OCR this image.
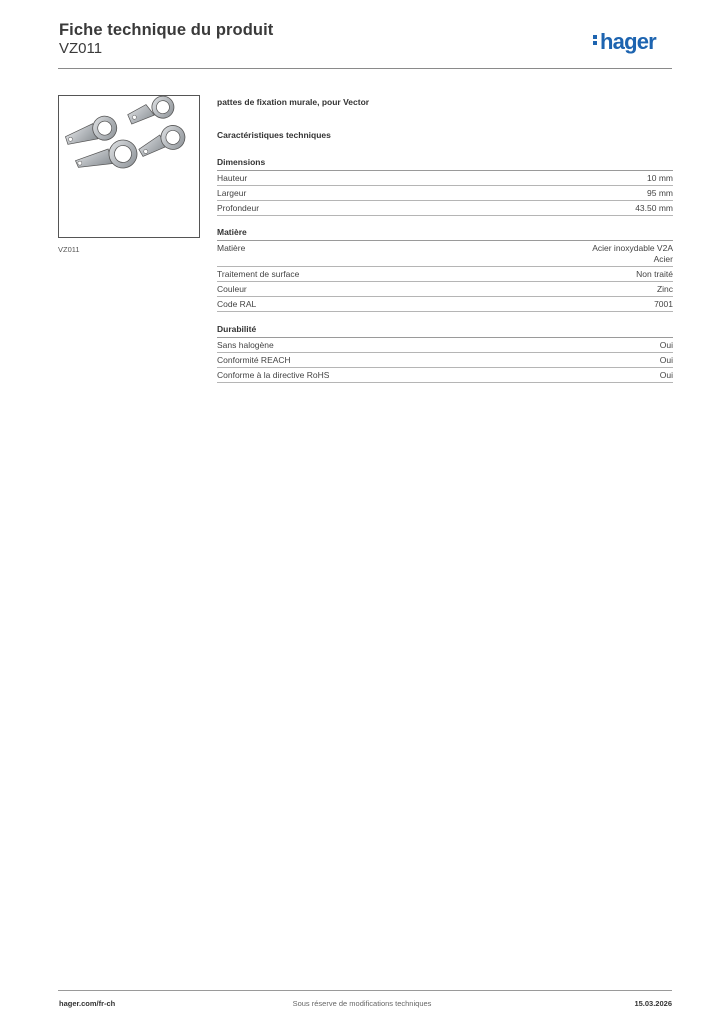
Fiche technique du produit
VZ011	hager
VZ011
pattes de fixation murale, pour Vector
Caractéristiques techniques
Dimensions
Hauteur	10 mm
Largeur	95 mm
Profondeur	43.50 mm
Matière
Matière	Acier inoxydable V2A
Acier
Traitement de surface	Non traité
Couleur	Zinc
Code RAL	7001
Durabilité
Sans halogène	Oui
Conformité REACH	Oui
Conforme à la directive RoHS	Oui
hager.com/fr-ch	Sous réserve de modifications techniques	15.03.2026
